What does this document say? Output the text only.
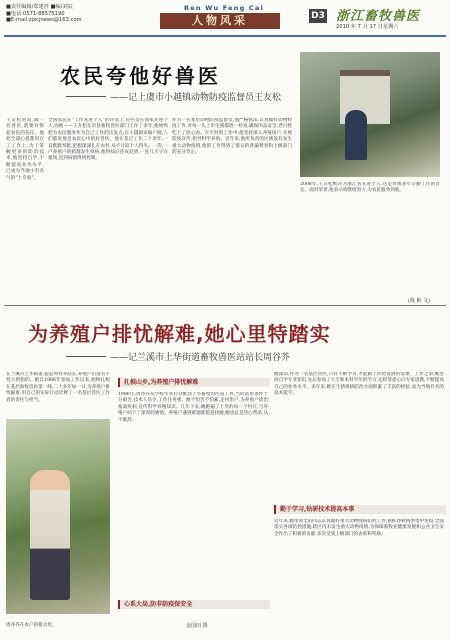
■责任编辑/郑建祥 ■编/刘辰
■电话:0571-88575190
■E-mail:zjxcjnews@163.com
Ren Wu Feng Cai
人物风采	D3 浙江畜牧兽医
2010 年 7 月 17 日星期六
农民夸他好兽医
——记上虞市小越镇动物防疫监督员王友松
全国农民在“工作先进个人”的评选上,有些是在国家先进个人,而他——王友松在市县畜牧兽医部门工作了多年,他始终把为农民服务作为自己工作的出发点,在小越镇家喻户晓,人们都说他是农民心中的好兽医。他在基层工作二十余年,一直默默奉献,把根深深扎在农村,从不计较个人得失。一次,一户养殖户的猪群发生疫病,他得知后连夜赶到,一连几天守在猪场,直到病情得到控制。
作为一名基层动物防疫监督员,他严格执法,认真做好动物检疫工作,对每一头上市生猪都逐一检查,确保肉品安全,老百姓吃上了放心肉。在平时的工作中,他坚持深入养殖场户,开展防疫宣传,指导科学养殖。近年来,他所负责的区域没有发生重大动物疫情,他的工作得到了群众的普遍赞誉和上级部门的充分肯定。
王友松常说,做一名兽医,就要对得起农民的信任。他把全部心思都用在了工作上,为了掌握更多的防治技术,他坚持自学,不断提高业务水平,已成为当地小有名气的“土专家”。
2008年,王友松被评为浙江省先进个人,这是对他多年辛勤工作的肯定。面对荣誉,他表示将继续努力,为农民服务到底。
(陈 彬 文)
为养殖户排忧解难,她心里特踏实
——记兰溪市上华街道畜牧兽医站站长周谷芥
在兰溪市上华街道,提起周谷芥站长,养殖户们没有不竖大拇指的。她自1986年参加工作以来,始终扎根在基层畜牧兽医第一线,二十多年如一日,为养殖户排忧解难,用自己的实际行动诠释了一名基层兽医工作者的责任与担当。
周谷芥在农户的猪舍里。	金国田 摄
扎根山乡,为养殖户排忧解难
1986年,周谷芥从学校毕业后分配到上华畜牧兽医站工作,当时站里条件十分艰苦,技术人员少,工作任务重。她不怕苦不怕累,走村串户,为养殖户诊治畜禽疾病,宣传科学养殖知识。几年下来,她跑遍了上华的每一个村庄,与养殖户结下了深厚的感情。养殖户遇到难题都愿意找她,她也总是热心帮助,从不推辞。
她深知,作为一名基层兽医,只有不断学习,才能跟上形势发展的需要。工作之余,她坚持自学专业知识,先后参加了大专和本科学历的学习,还经常虚心向专家请教,不断提高自己的业务水平。多年来,她在生猪疫病防治方面积累了丰富的经验,成为当地有名的技术能手。
勤于学习,钻研技术提高本事
近年来,她带领全站同志认真做好重大动物疫病防控工作,狠抓春秋两季集中免疫,全面落实各项防控措施,辖区内未发生重大动物疫情,为保障畜牧业健康发展和公共卫生安全作出了积极的贡献,多次受到上级部门的表彰和奖励。
心系大局,防非防疫保安全
